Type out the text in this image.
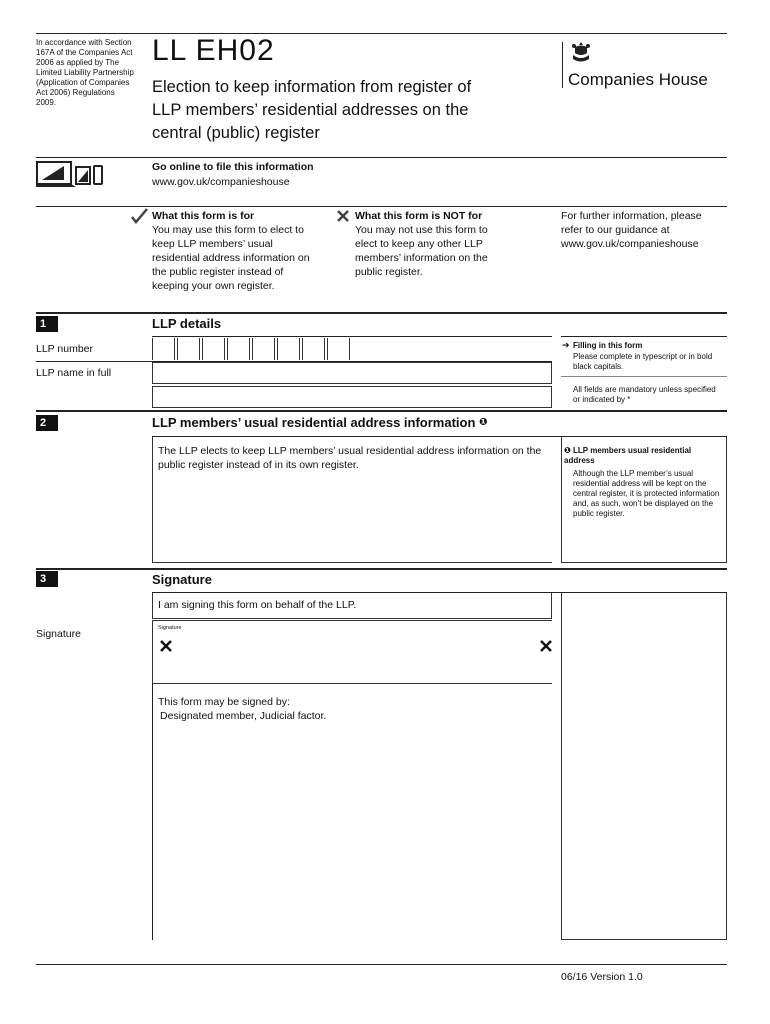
In accordance with Section 167A of the Companies Act 2006 as applied by The Limited Liability Partnership (Application of Companies Act 2006) Regulations 2009.
LL EH02
Election to keep information from register of LLP members’ residential addresses on the central (public) register
Companies House
Go online to file this information
www.gov.uk/companieshouse
What this form is for
You may use this form to elect to keep LLP members’ usual residential address information on the public register instead of keeping your own register.
What this form is NOT for
You may not use this form to elect to keep any other LLP members’ information on the public register.
For further information, please refer to our guidance at www.gov.uk/companieshouse
1	LLP details
LLP number
LLP name in full
➔ Filling in this form
Please complete in typescript or in bold black capitals.
All fields are mandatory unless specified or indicated by *
2	LLP members’ usual residential address information ❶
The LLP elects to keep LLP members’ usual residential address information on the public register instead of in its own register.
❶ LLP members usual residential address
Although the LLP member’s usual residential address will be kept on the central register, it is protected information and, as such, won’t be displayed on the public register.
3	Signature
I am signing this form on behalf of the LLP.
Signature	Signature
This form may be signed by:
Designated member, Judicial factor.
06/16 Version 1.0
